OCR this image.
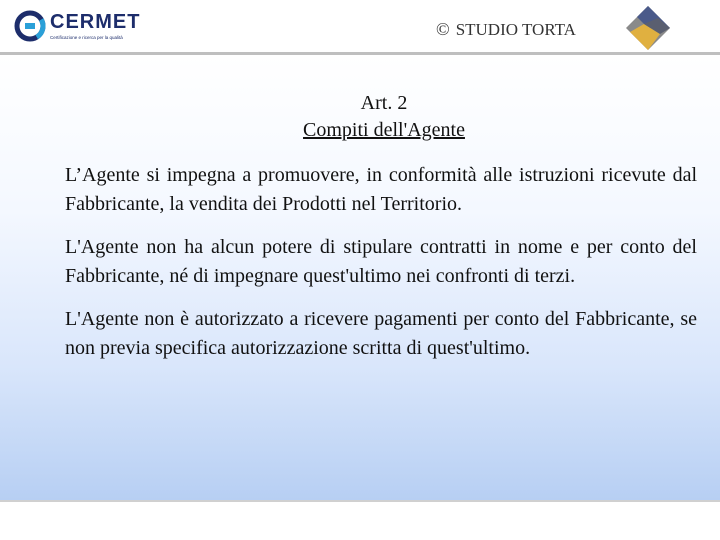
CERMET
Certificazione e ricerca per la qualità	© STUDIO TORTA
Art. 2
Compiti dell'Agente

L’Agente si impegna a promuovere, in conformità alle istruzioni ricevute dal Fabbricante, la vendita dei Prodotti nel Territorio.

L'Agente non ha alcun potere di stipulare contratti in nome e per conto del Fabbricante, né di impegnare quest'ultimo nei confronti di terzi.

L'Agente non è autorizzato a ricevere pagamenti per conto del Fabbricante, se non previa specifica autorizzazione scritta di quest'ultimo.
